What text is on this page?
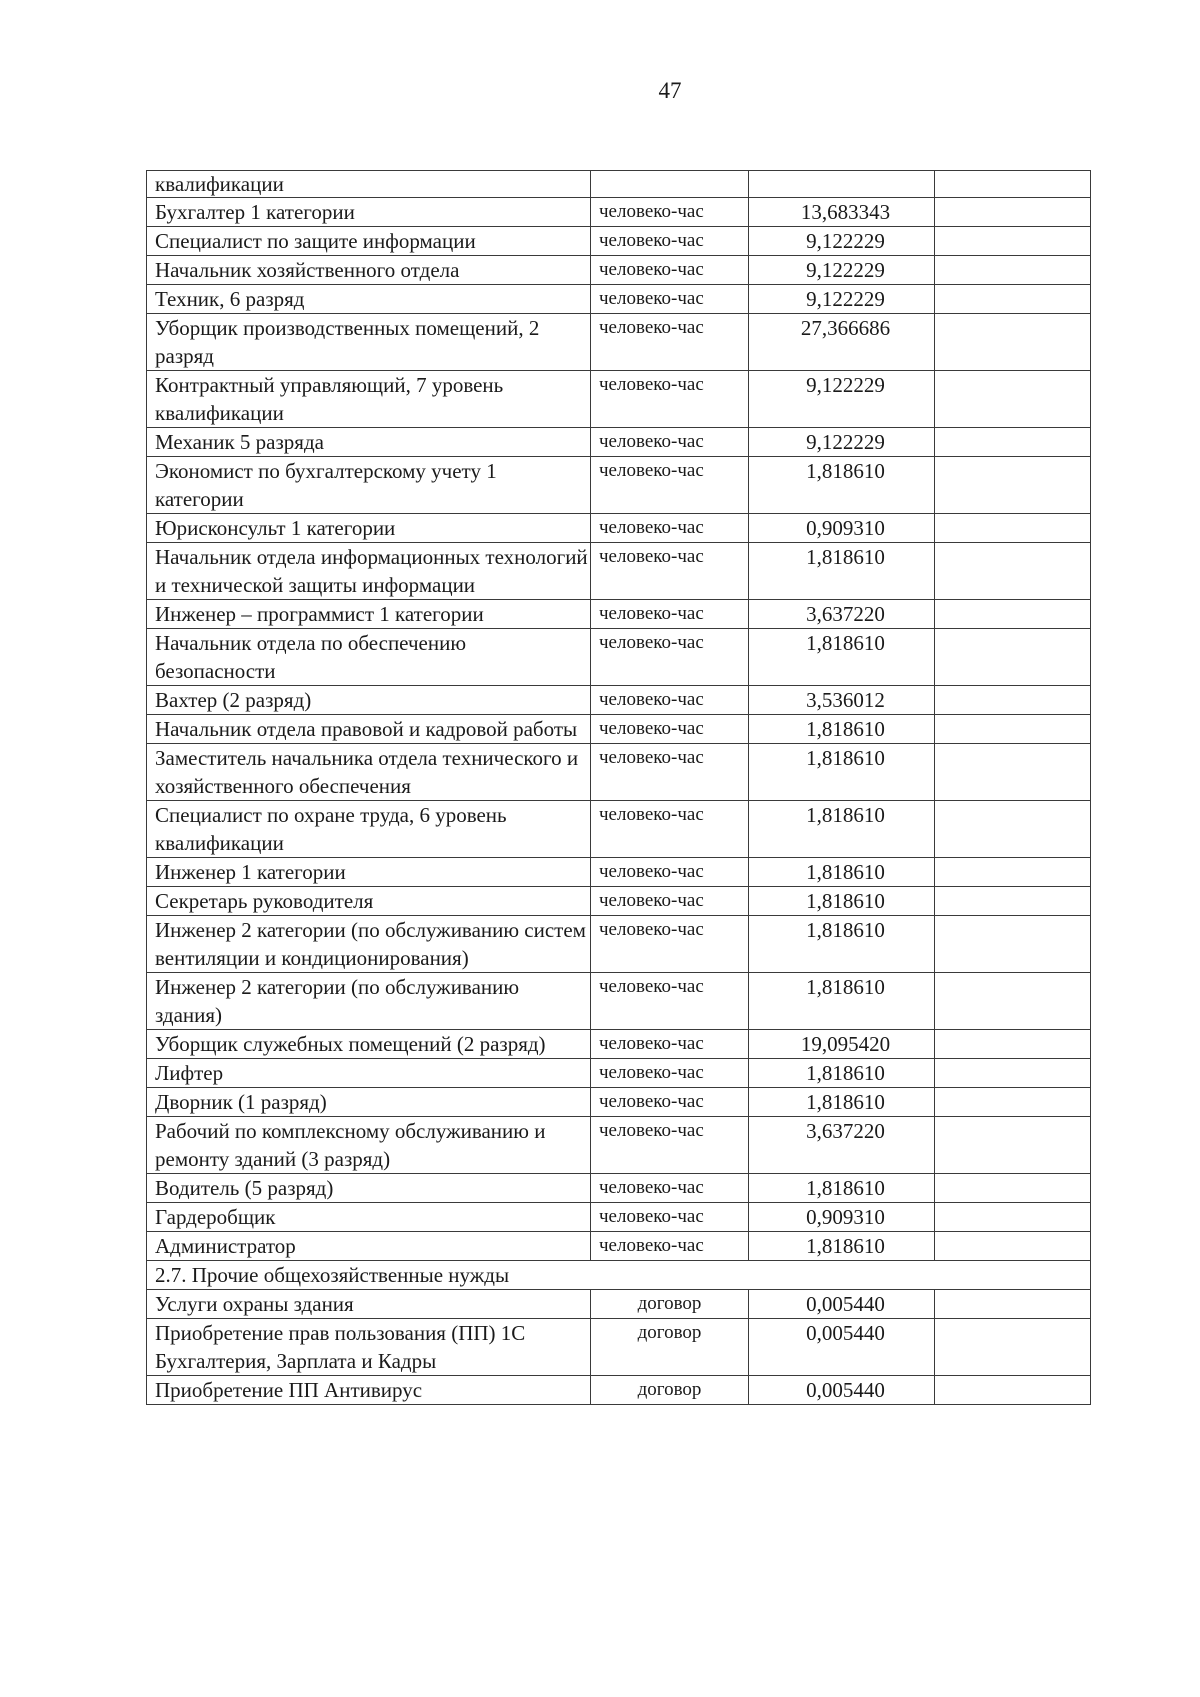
47
квалификации			
Бухгалтер 1 категории	человеко-час	13,683343	
Специалист по защите информации	человеко-час	9,122229	
Начальник хозяйственного отдела	человеко-час	9,122229	
Техник, 6 разряд	человеко-час	9,122229	
Уборщик производственных помещений, 2 разряд	человеко-час	27,366686	
Контрактный управляющий, 7 уровень квалификации	человеко-час	9,122229	
Механик 5 разряда	человеко-час	9,122229	
Экономист по бухгалтерскому учету 1 категории	человеко-час	1,818610	
Юрисконсульт 1 категории	человеко-час	0,909310	
Начальник отдела информационных технологий и технической защиты информации	человеко-час	1,818610	
Инженер – программист 1 категории	человеко-час	3,637220	
Начальник отдела по обеспечению безопасности	человеко-час	1,818610	
Вахтер (2 разряд)	человеко-час	3,536012	
Начальник отдела правовой и кадровой работы	человеко-час	1,818610	
Заместитель начальника отдела технического и хозяйственного обеспечения	человеко-час	1,818610	
Специалист по охране труда, 6 уровень квалификации	человеко-час	1,818610	
Инженер 1 категории	человеко-час	1,818610	
Секретарь руководителя	человеко-час	1,818610	
Инженер 2 категории (по обслуживанию систем вентиляции и кондиционирования)	человеко-час	1,818610	
Инженер 2 категории (по обслуживанию здания)	человеко-час	1,818610	
Уборщик служебных помещений (2 разряд)	человеко-час	19,095420	
Лифтер	человеко-час	1,818610	
Дворник (1 разряд)	человеко-час	1,818610	
Рабочий по комплексному обслуживанию и ремонту зданий (3 разряд)	человеко-час	3,637220	
Водитель (5 разряд)	человеко-час	1,818610	
Гардеробщик	человеко-час	0,909310	
Администратор	человеко-час	1,818610	
2.7. Прочие общехозяйственные нужды			
Услуги охраны здания	договор	0,005440	
Приобретение прав пользования (ПП) 1С Бухгалтерия, Зарплата и Кадры	договор	0,005440	
Приобретение ПП Антивирус	договор	0,005440	
